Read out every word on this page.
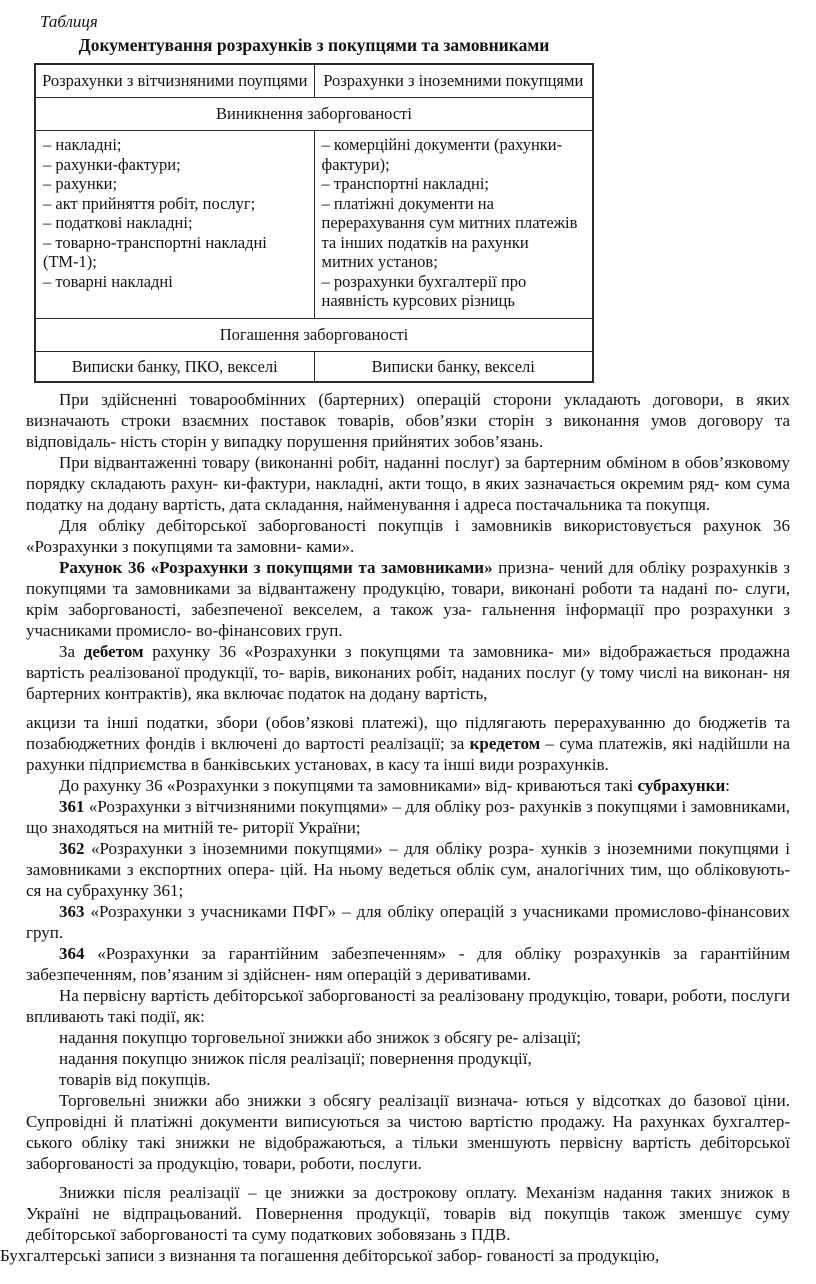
Таблиця
Документування розрахунків з покупцями та замовниками
Розрахунки з вітчизняними поупцями	Розрахунки з іноземними покупцями
Виникнення заборгованості	

– накладні;
– рахунки-фактури;
– рахунки;
– акт прийняття робіт, послуг;
– податкові накладні;
– товарно-транспортні накладні (ТМ-1);
– товарні накладні

– комерційні документи (рахунки-фактури);
– транспортні накладні;
– платіжні документи на перерахування сум митних платежів та інших податків на рахунки митних установ;
– розрахунки бухгалтерії про наявність курсових різниць

Погашення заборгованості	
Виписки банку, ПКО, векселі	Виписки банку, векселі

При здійсненні товарообмінних (бартерних) операцій сторони укладають договори, в яких визначають строки взаємних поставок товарів, обов’язки сторін з виконання умов договору та відповідаль- ність сторін у випадку порушення прийнятих зобов’язань.

При відвантаженні товару (виконанні робіт, наданні послуг) за бартерним обміном в обов’язковому порядку складають рахун- ки-фактури, накладні, акти тощо, в яких зазначається окремим ряд- ком сума податку на додану вартість, дата складання, найменування і адреса постачальника та покупця.

Для обліку дебіторської заборгованості покупців і замовників використовується рахунок 36 «Розрахунки з покупцями та замовни- ками».

Рахунок 36 «Розрахунки з покупцями та замовниками» призна- чений для обліку розрахунків з покупцями та замовниками за відвантажену продукцію, товари, виконані роботи та надані по- слуги, крім заборгованості, забезпеченої векселем, а також уза- гальнення інформації про розрахунки з учасниками промисло- во-фінансових груп.

За дебетом рахунку 36 «Розрахунки з покупцями та замовника- ми» відображається продажна вартість реалізованої продукції, то- варів, виконаних робіт, наданих послуг (у тому числі на виконан- ня бартерних контрактів), яка включає податок на додану вартість,

акцизи та інші податки, збори (обов’язкові платежі), що підлягають перерахуванню до бюджетів та позабюджетних фондів і включені до вартості реалізації; за кредетом – сума платежів, які надійшли на рахунки підприємства в банківських установах, в касу та інші види розрахунків.

До рахунку 36 «Розрахунки з покупцями та замовниками» від- криваються такі субрахунки:

361 «Розрахунки з вітчизняними покупцями» – для обліку роз- рахунків з покупцями і замовниками, що знаходяться на митній те- риторії України;

362 «Розрахунки з іноземними покупцями» – для обліку розра- хунків з іноземними покупцями і замовниками з експортних опера- цій. На ньому ведеться облік сум, аналогічних тим, що обліковують- ся на субрахунку 361;

363 «Розрахунки з учасниками ПФГ» – для обліку операцій з учасниками промислово-фінансових груп.

364 «Розрахунки за гарантійним забезпеченням» - для обліку розрахунків за гарантійним забезпеченням, пов’язаним зі здійснен- ням операцій з деривативами.

На первісну вартість дебіторської заборгованості за реалізовану продукцію, товари, роботи, послуги впливають такі події, як:

надання покупцю торговельної знижки або знижок з обсягу ре- алізації;

надання покупцю знижок після реалізації; повернення продукції,

товарів від покупців.

Торговельні знижки або знижки з обсягу реалізації визнача- ються у відсотках до базової ціни. Супровідні й платіжні документи виписуються за чистою вартістю продажу. На рахунках бухгалтер- ського обліку такі знижки не відображаються, а тільки зменшують первісну вартість дебіторської заборгованості за продукцію, товари, роботи, послуги.

Знижки після реалізації – це знижки за дострокову оплату. Механізм надання таких знижок в Україні не відпрацьований. Повернення продукції, товарів від покупців також зменшує суму дебіторської заборгованості та суму податкових зобовязань з ПДВ.

Бухгалтерські записи з визнання та погашення дебіторської забор- гованості за продукцію,
